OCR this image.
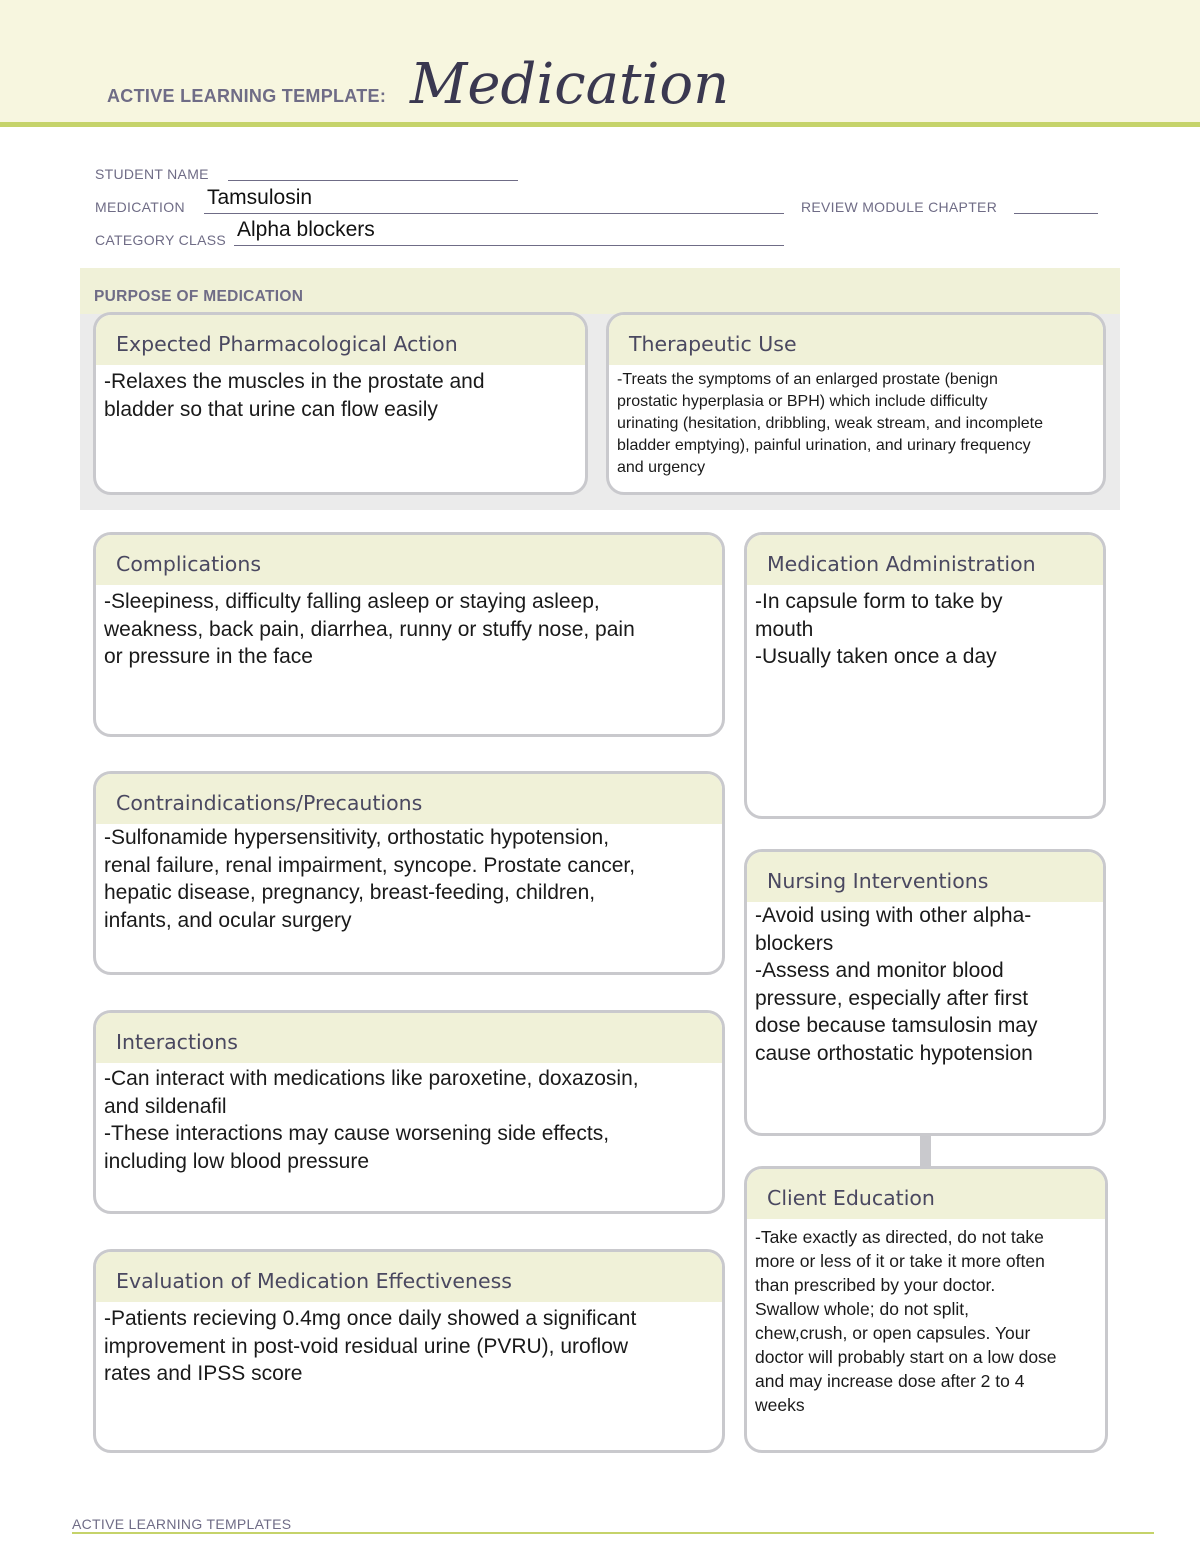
ACTIVE LEARNING TEMPLATE: Medication
STUDENT NAME
MEDICATION Tamsulosin	REVIEW MODULE CHAPTER
CATEGORY CLASS Alpha blockers
PURPOSE OF MEDICATION
Expected Pharmacological Action
-Relaxes the muscles in the prostate and
bladder so that urine can flow easily
Therapeutic Use
-Treats the symptoms of an enlarged prostate (benign
prostatic hyperplasia or BPH) which include difficulty
urinating (hesitation, dribbling, weak stream, and incomplete
bladder emptying), painful urination, and urinary frequency
and urgency
Complications
-Sleepiness, difficulty falling asleep or staying asleep,
weakness, back pain, diarrhea, runny or stuffy nose, pain
or pressure in the face
Medication Administration
-In capsule form to take by
mouth
-Usually taken once a day
Contraindications/Precautions
-Sulfonamide hypersensitivity, orthostatic hypotension,
renal failure, renal impairment, syncope. Prostate cancer,
hepatic disease, pregnancy, breast-feeding, children,
infants, and ocular surgery
Nursing Interventions
-Avoid using with other alpha-
blockers
-Assess and monitor blood
pressure, especially after first
dose because tamsulosin may
cause orthostatic hypotension
Interactions
-Can interact with medications like paroxetine, doxazosin,
and sildenafil
-These interactions may cause worsening side effects,
including low blood pressure
Client Education
-Take exactly as directed, do not take
more or less of it or take it more often
than prescribed by your doctor.
Swallow whole; do not split,
chew,crush, or open capsules. Your
doctor will probably start on a low dose
and may increase dose after 2 to 4
weeks
Evaluation of Medication Effectiveness
-Patients recieving 0.4mg once daily showed a significant
improvement in post-void residual urine (PVRU), uroflow
rates and IPSS score
ACTIVE LEARNING TEMPLATES
